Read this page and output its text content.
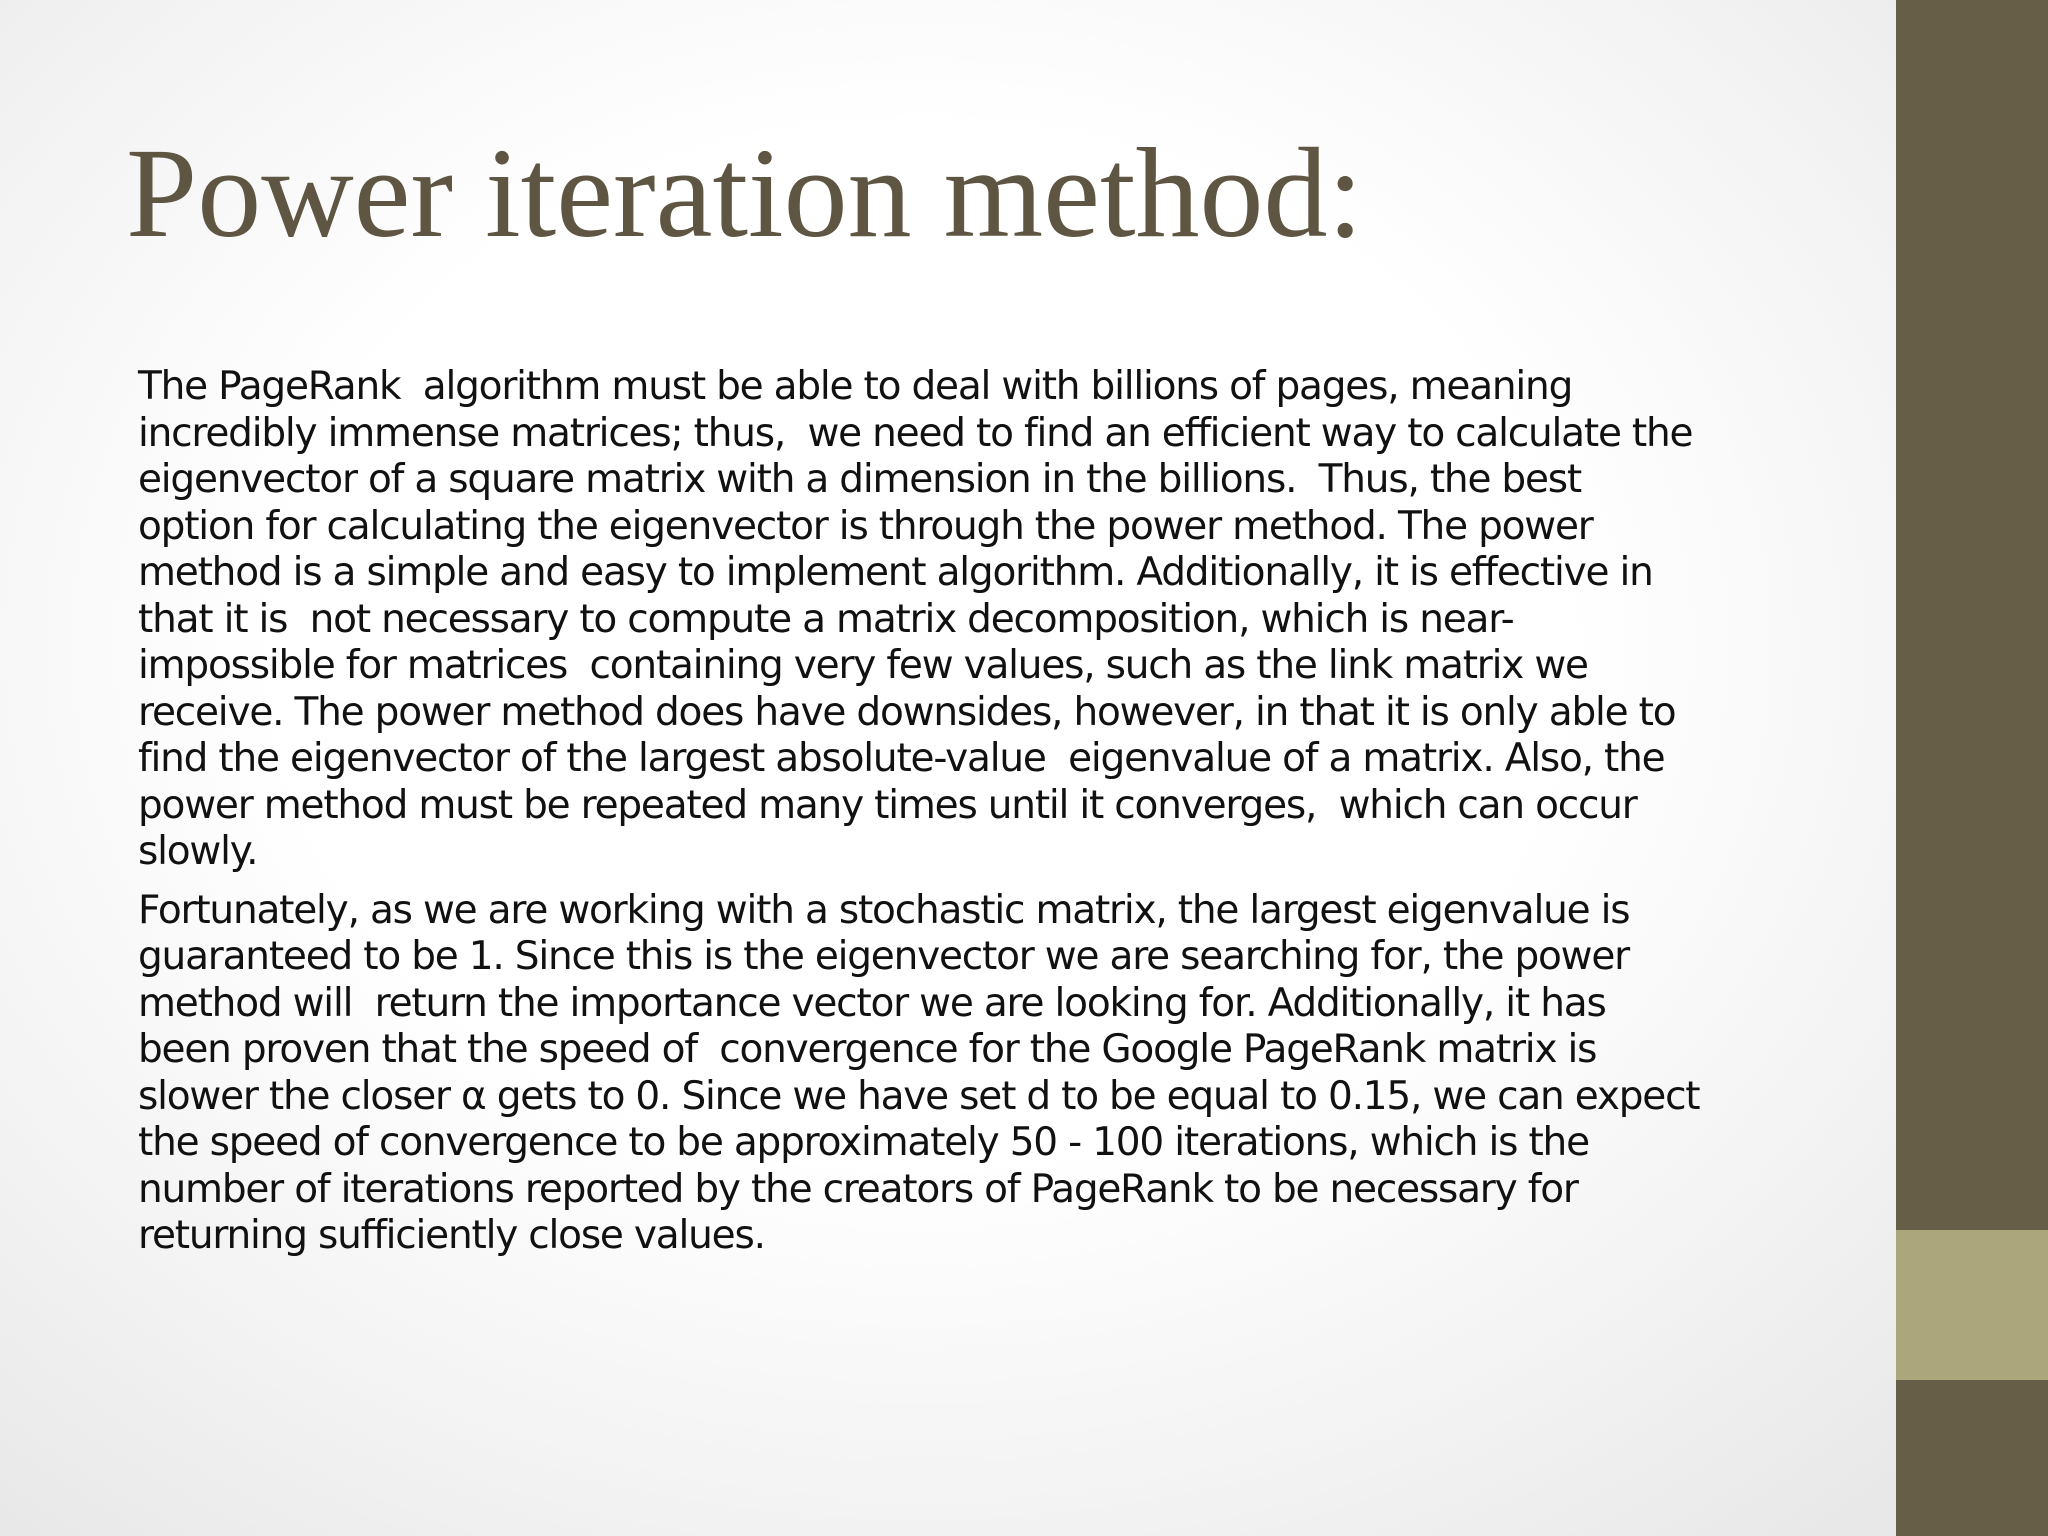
Power iteration method:

The PageRank  algorithm must be able to deal with billions of pages, meaning
incredibly immense matrices; thus,  we need to find an efficient way to calculate the
eigenvector of a square matrix with a dimension in the billions.  Thus, the best
option for calculating the eigenvector is through the power method. The power
method is a simple and easy to implement algorithm. Additionally, it is effective in
that it is  not necessary to compute a matrix decomposition, which is near-
impossible for matrices  containing very few values, such as the link matrix we
receive. The power method does have downsides, however, in that it is only able to
find the eigenvector of the largest absolute-value  eigenvalue of a matrix. Also, the
power method must be repeated many times until it converges,  which can occur
slowly.

Fortunately, as we are working with a stochastic matrix, the largest eigenvalue is
guaranteed to be 1. Since this is the eigenvector we are searching for, the power
method will  return the importance vector we are looking for. Additionally, it has
been proven that the speed of  convergence for the Google PageRank matrix is
slower the closer α gets to 0. Since we have set d to be equal to 0.15, we can expect
the speed of convergence to be approximately 50 - 100 iterations, which is the
number of iterations reported by the creators of PageRank to be necessary for
returning sufficiently close values.
